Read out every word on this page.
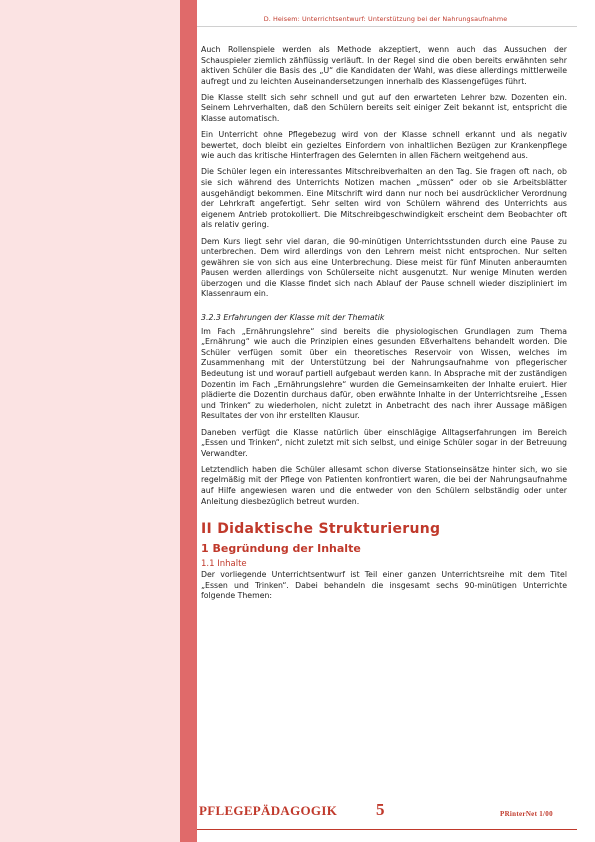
D. Heisem: Unterrichtsentwurf: Unterstützung bei der Nahrungsaufnahme

Auch Rollenspiele werden als Methode akzeptiert, wenn auch das Aussuchen der Schauspieler ziemlich zähflüssig verläuft. In der Regel sind die oben bereits erwähnten sehr aktiven Schüler die Basis des „U“ die Kandidaten der Wahl, was diese allerdings mittlerweile aufregt und zu leichten Auseinandersetzungen innerhalb des Klassengefüges führt.

Die Klasse stellt sich sehr schnell und gut auf den erwarteten Lehrer bzw. Dozenten ein. Seinem Lehrverhalten, daß den Schülern bereits seit einiger Zeit bekannt ist, entspricht die Klasse automatisch.

Ein Unterricht ohne Pflegebezug wird von der Klasse schnell erkannt und als negativ bewertet, doch bleibt ein gezieltes Einfordern von inhaltlichen Bezügen zur Krankenpflege wie auch das kritische Hinterfragen des Gelernten in allen Fächern weitgehend aus.

Die Schüler legen ein interessantes Mitschreibverhalten an den Tag. Sie fragen oft nach, ob sie sich während des Unterrichts Notizen machen „müssen“ oder ob sie Arbeitsblätter ausgehändigt bekommen. Eine Mitschrift wird dann nur noch bei ausdrücklicher Verordnung der Lehrkraft angefertigt. Sehr selten wird von Schülern während des Unterrichts aus eigenem Antrieb protokolliert. Die Mitschreibgeschwindigkeit erscheint dem Beobachter oft als relativ gering.

Dem Kurs liegt sehr viel daran, die 90-minütigen Unterrichtsstunden durch eine Pause zu unterbrechen. Dem wird allerdings von den Lehrern meist nicht entsprochen. Nur selten gewähren sie von sich aus eine Unterbrechung. Diese meist für fünf Minuten anberaumten Pausen werden allerdings von Schülerseite nicht ausgenutzt. Nur wenige Minuten werden überzogen und die Klasse findet sich nach Ablauf der Pause schnell wieder diszipliniert im Klassenraum ein.

3.2.3 Erfahrungen der Klasse mit der Thematik

Im Fach „Ernährungslehre“ sind bereits die physiologischen Grundlagen zum Thema „Ernährung“ wie auch die Prinzipien eines gesunden Eßverhaltens behandelt worden. Die Schüler verfügen somit über ein theoretisches Reservoir von Wissen, welches im Zusammenhang mit der Unterstützung bei der Nahrungsaufnahme von pflegerischer Bedeutung ist und worauf partiell aufgebaut werden kann. In Absprache mit der zuständigen Dozentin im Fach „Ernährungslehre“ wurden die Gemeinsamkeiten der Inhalte eruiert. Hier plädierte die Dozentin durchaus dafür, oben erwähnte Inhalte in der Unterrichtsreihe „Essen und Trinken“ zu wiederholen, nicht zuletzt in Anbetracht des nach ihrer Aussage mäßigen Resultates der von ihr erstellten Klausur.

Daneben verfügt die Klasse natürlich über einschlägige Alltagserfahrungen im Bereich „Essen und Trinken“, nicht zuletzt mit sich selbst, und einige Schüler sogar in der Betreuung Verwandter.

Letztendlich haben die Schüler allesamt schon diverse Stationseinsätze hinter sich, wo sie regelmäßig mit der Pflege von Patienten konfrontiert waren, die bei der Nahrungsaufnahme auf Hilfe angewiesen waren und die entweder von den Schülern selbständig oder unter Anleitung diesbezüglich betreut wurden.

II Didaktische Strukturierung
1 Begründung der Inhalte
1.1 Inhalte

Der vorliegende Unterrichtsentwurf ist Teil einer ganzen Unterrichtsreihe mit dem Titel „Essen und Trinken“. Dabei behandeln die insgesamt sechs 90-minütigen Unterrichte folgende Themen:

PFLEGEPÄDAGOGIK 5	PRinterNet 1/00
